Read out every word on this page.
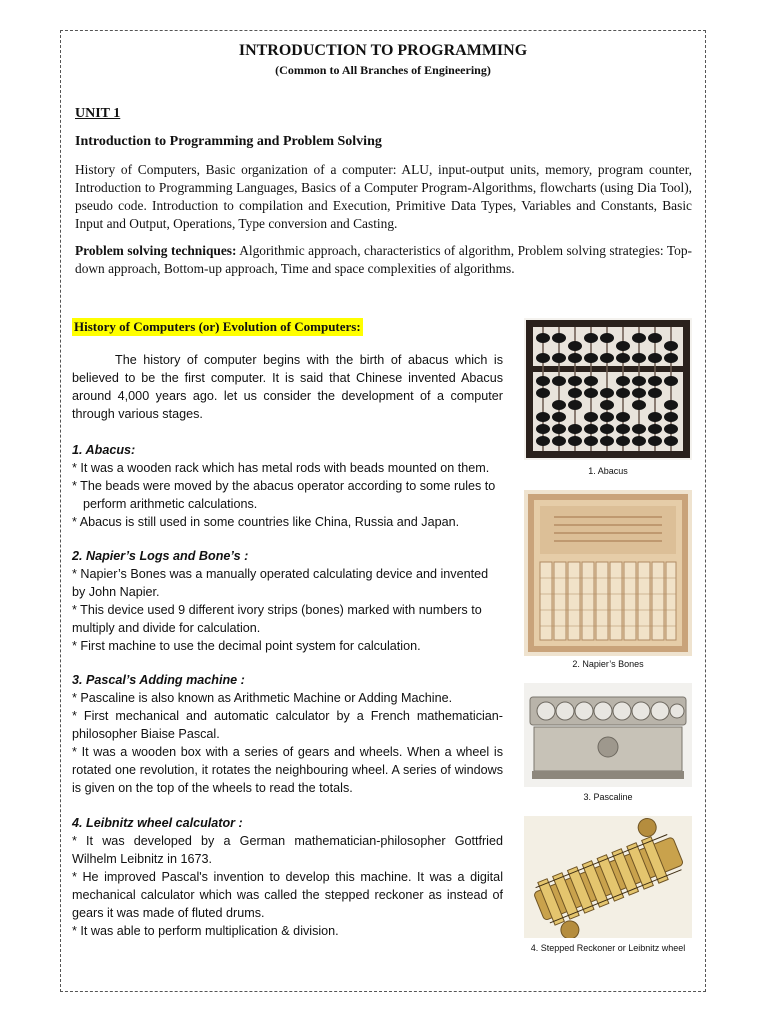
INTRODUCTION TO PROGRAMMING
(Common to All Branches of Engineering)
UNIT 1
Introduction to Programming and Problem Solving
History of Computers, Basic organization of a computer: ALU, input-output units, memory, program counter, Introduction to Programming Languages, Basics of a Computer Program-Algorithms, flowcharts (using Dia Tool), pseudo code. Introduction to compilation and Execution, Primitive Data Types, Variables and Constants, Basic Input and Output, Operations, Type conversion and Casting.
Problem solving techniques: Algorithmic approach, characteristics of algorithm, Problem solving strategies: Top-down approach, Bottom-up approach, Time and space complexities of algorithms.
History of Computers (or) Evolution of Computers:
The history of computer begins with the birth of abacus which is believed to be the first computer. It is said that Chinese invented Abacus around 4,000 years ago. let us consider the development of a computer through various stages.
1. Abacus:

* It was a wooden rack which has metal rods with beads mounted on them.

* The beads were moved by the abacus operator according to some rules to
perform arithmetic calculations.

* Abacus is still used in some countries like China, Russia and Japan.

2. Napier’s Logs and Bone’s :

* Napier’s Bones was a manually operated calculating device and invented by John Napier.

* This device used 9 different ivory strips (bones) marked with numbers to multiply and divide for calculation.

* First machine to use the decimal point system for calculation.

3. Pascal’s Adding machine :

* Pascaline is also known as Arithmetic Machine or Adding Machine.

* First mechanical and automatic calculator by a French mathematician-philosopher Biaise Pascal.

* It was a wooden box with a series of gears and wheels. When a wheel is rotated one revolution, it rotates the neighbouring wheel. A series of windows is given on the top of the wheels to read the totals.

4. Leibnitz wheel calculator :

* It was developed by a German mathematician-philosopher Gottfried Wilhelm Leibnitz in 1673.

* He improved Pascal's invention to develop this machine. It was a digital mechanical calculator which was called the stepped reckoner as instead of gears it was made of fluted drums.

* It was able to perform multiplication & division.

1. Abacus
2. Napier’s Bones
3. Pascaline
4. Stepped Reckoner or Leibnitz wheel
